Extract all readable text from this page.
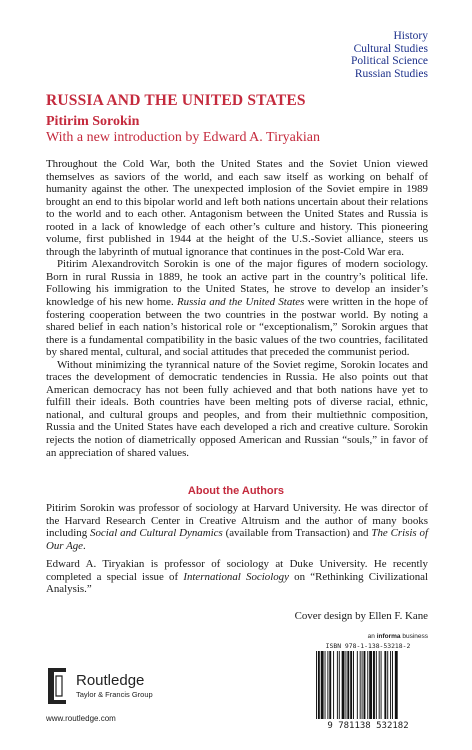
History
Cultural Studies
Political Science
Russian Studies
RUSSIA AND THE UNITED STATES
Pitirim Sorokin
With a new introduction by Edward A. Tiryakian

Throughout the Cold War, both the United States and the Soviet Union viewed themselves as saviors of the world, and each saw itself as working on behalf of humanity against the other. The unexpected implosion of the Soviet empire in 1989 brought an end to this bipolar world and left both nations uncertain about their relations to the world and to each other. Antagonism between the United States and Russia is rooted in a lack of knowledge of each other’s culture and history. This pioneering volume, first published in 1944 at the height of the U.S.-Soviet alliance, steers us through the labyrinth of mutual ignorance that continues in the post-Cold War era.

Pitirim Alexandrovitch Sorokin is one of the major figures of modern sociology. Born in rural Russia in 1889, he took an active part in the country’s political life. Following his immigration to the United States, he strove to develop an insider’s knowledge of his new home. Russia and the United States were written in the hope of fostering cooperation between the two countries in the postwar world. By noting a shared belief in each nation’s historical role or “exceptionalism,” Sorokin argues that there is a fundamental compatibility in the basic values of the two countries, facilitated by shared mental, cultural, and social attitudes that preceded the communist period.

Without minimizing the tyrannical nature of the Soviet regime, Sorokin locates and traces the development of democratic tendencies in Russia. He also points out that American democracy has not been fully achieved and that both nations have yet to fulfill their ideals. Both countries have been melting pots of diverse racial, ethnic, national, and cultural groups and peoples, and from their multiethnic composition, Russia and the United States have each developed a rich and creative culture. Sorokin rejects the notion of diametrically opposed American and Russian “souls,” in favor of an appreciation of shared values.

About the Authors

Pitirim Sorokin was professor of sociology at Harvard University. He was director of the Harvard Research Center in Creative Altruism and the author of many books including Social and Cultural Dynamics (available from Transaction) and The Crisis of Our Age.

Edward A. Tiryakian is professor of sociology at Duke University. He recently completed a special issue of International Sociology on “Rethinking Civilizational Analysis.”

Cover design by Ellen F. Kane
an informa business
ISBN 978-1-138-53218-2
9 781138 532182
Routledge
Taylor & Francis Group
www.routledge.com
